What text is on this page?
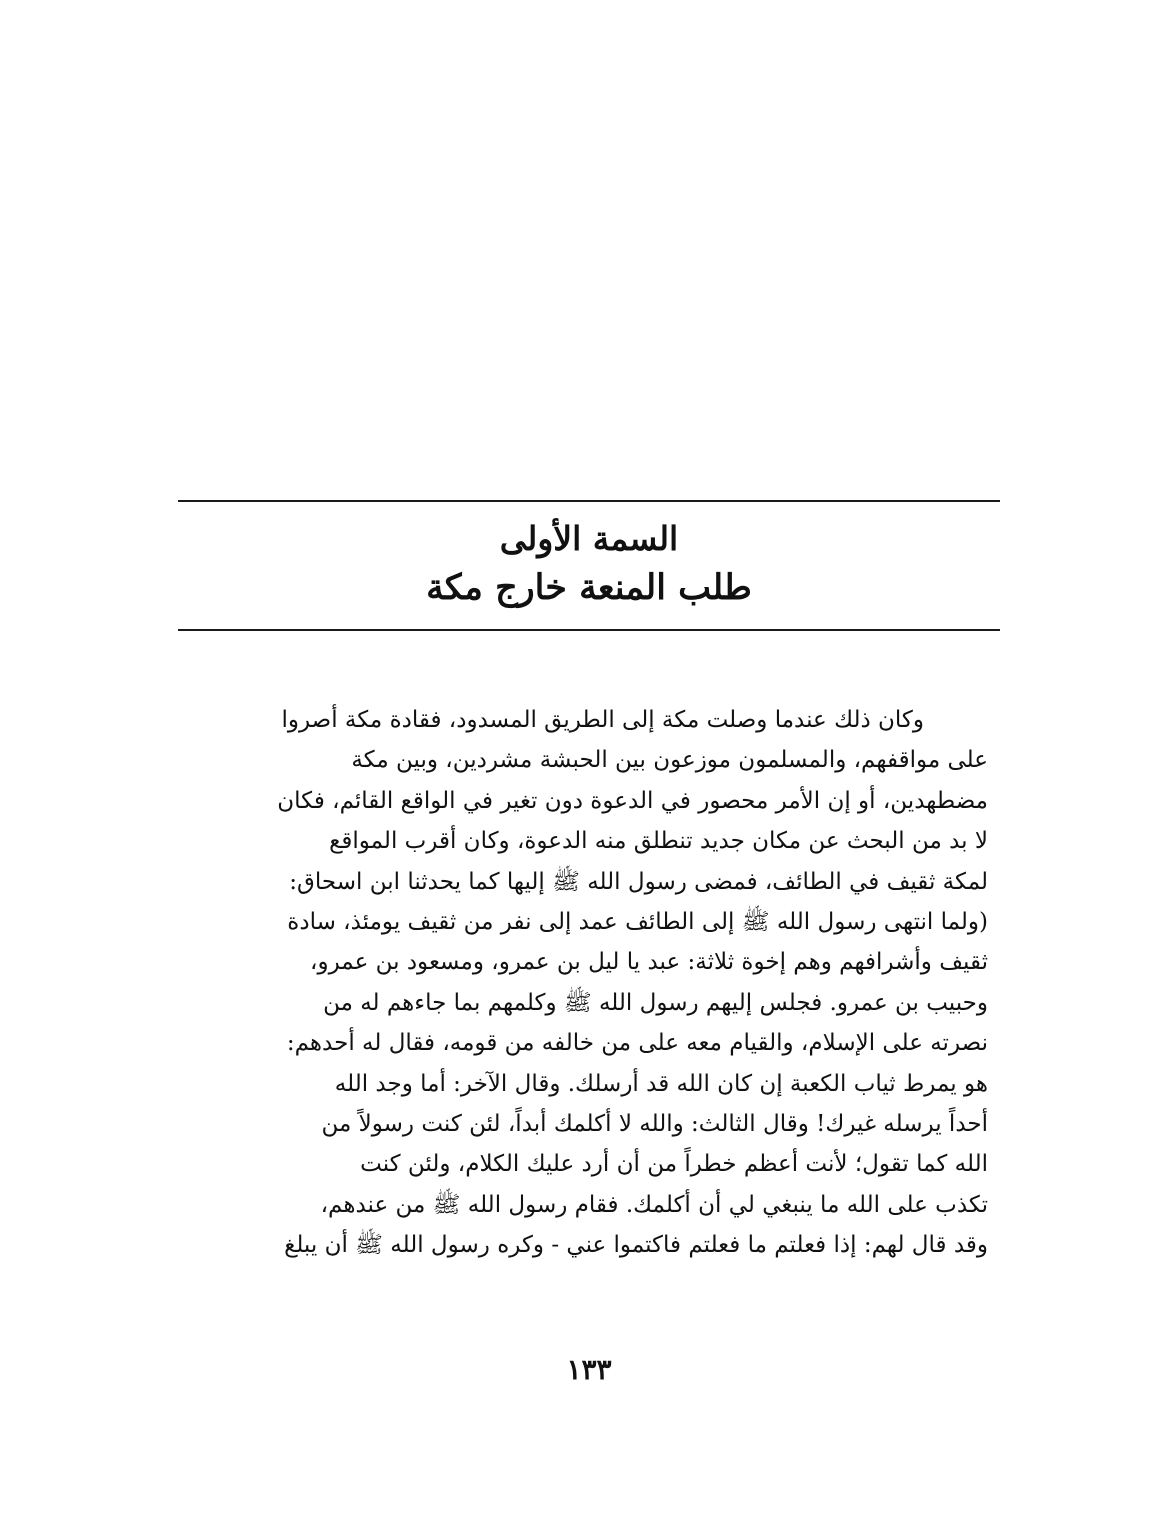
السمة الأولى
طلب المنعة خارج مكة
وكان ذلك عندما وصلت مكة إلى الطريق المسدود، فقادة مكة أصروا
على مواقفهم، والمسلمون موزعون بين الحبشة مشردين، وبين مكة
مضطهدين، أو إن الأمر محصور في الدعوة دون تغير في الواقع القائم، فكان
لا بد من البحث عن مكان جديد تنطلق منه الدعوة، وكان أقرب المواقع
لمكة ثقيف في الطائف، فمضى رسول الله ﷺ إليها كما يحدثنا ابن اسحاق:
(ولما انتهى رسول الله ﷺ إلى الطائف عمد إلى نفر من ثقيف يومئذ، سادة
ثقيف وأشرافهم وهم إخوة ثلاثة: عبد يا ليل بن عمرو، ومسعود بن عمرو،
وحبيب بن عمرو. فجلس إليهم رسول الله ﷺ وكلمهم بما جاءهم له من
نصرته على الإسلام، والقيام معه على من خالفه من قومه، فقال له أحدهم:
هو يمرط ثياب الكعبة إن كان الله قد أرسلك. وقال الآخر: أما وجد الله
أحداً يرسله غيرك! وقال الثالث: والله لا أكلمك أبداً، لئن كنت رسولاً من
الله كما تقول؛ لأنت أعظم خطراً من أن أرد عليك الكلام، ولئن كنت
تكذب على الله ما ينبغي لي أن أكلمك. فقام رسول الله ﷺ من عندهم،
وقد قال لهم: إذا فعلتم ما فعلتم فاكتموا عني - وكره رسول الله ﷺ أن يبلغ
١٣٣
